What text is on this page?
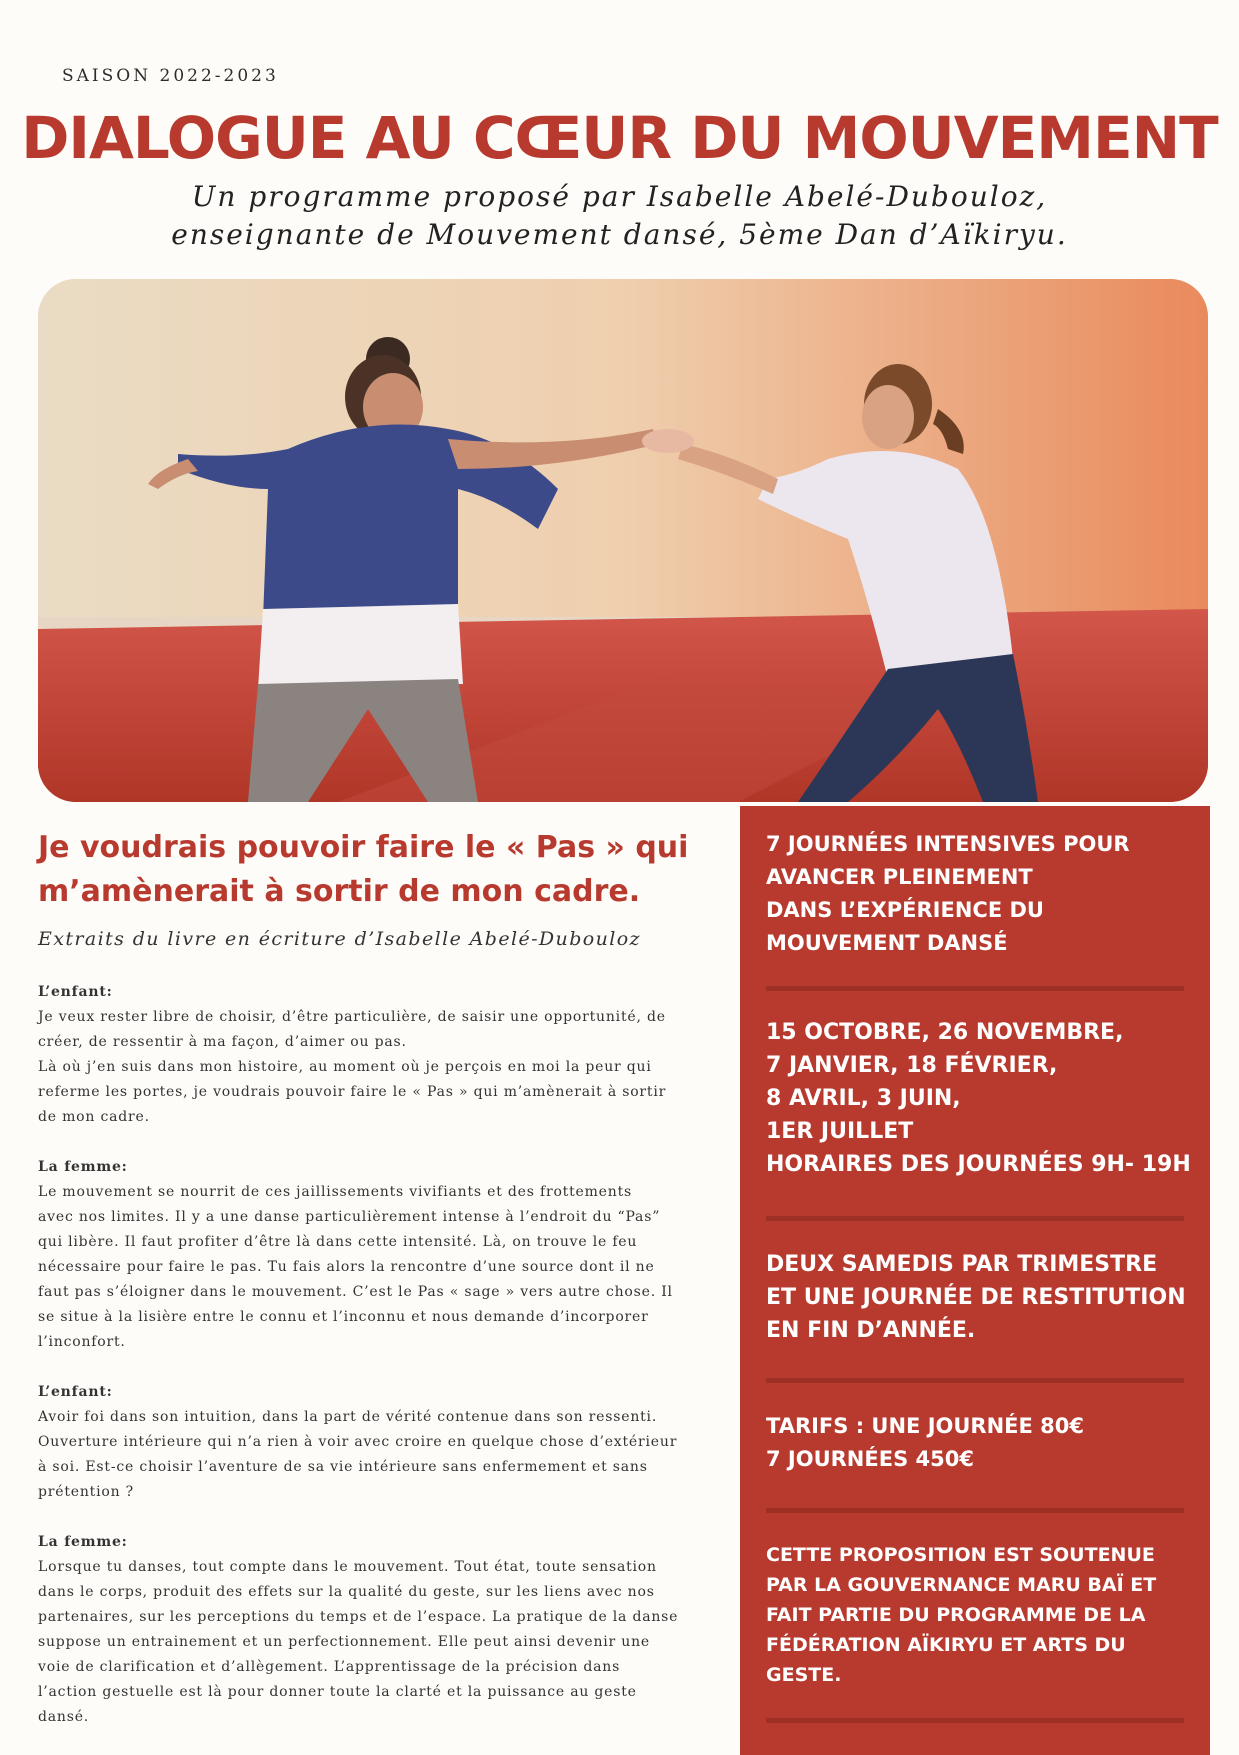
SAISON 2022-2023
DIALOGUE AU CŒUR DU MOUVEMENT
Un programme proposé par Isabelle Abelé-Dubouloz,
enseignante de Mouvement dansé, 5ème Dan d’Aïkiryu.
Je voudrais pouvoir faire le « Pas » qui
m’amènerait à sortir de mon cadre.

Extraits du livre en écriture d’Isabelle Abelé-Dubouloz

L’enfant:
Je veux rester libre de choisir, d’être particulière, de saisir une opportunité, de
créer, de ressentir à ma façon, d’aimer ou pas.
Là où j’en suis dans mon histoire, au moment où je perçois en moi la peur qui
referme les portes, je voudrais pouvoir faire le « Pas » qui m’amènerait à sortir
de mon cadre.

La femme:
Le mouvement se nourrit de ces jaillissements vivifiants et des frottements
avec nos limites. Il y a une danse particulièrement intense à l’endroit du “Pas”
qui libère. Il faut profiter d’être là dans cette intensité. Là, on trouve le feu
nécessaire pour faire le pas. Tu fais alors la rencontre d’une source dont il ne
faut pas s’éloigner dans le mouvement. C’est le Pas « sage » vers autre chose. Il
se situe à la lisière entre le connu et l’inconnu et nous demande d’incorporer
l’inconfort.

L’enfant:
Avoir foi dans son intuition, dans la part de vérité contenue dans son ressenti.
Ouverture intérieure qui n’a rien à voir avec croire en quelque chose d’extérieur
à soi. Est-ce choisir l’aventure de sa vie intérieure sans enfermement et sans
prétention ?

La femme:
Lorsque tu danses, tout compte dans le mouvement. Tout état, toute sensation
dans le corps, produit des effets sur la qualité du geste, sur les liens avec nos
partenaires, sur les perceptions du temps et de l’espace. La pratique de la danse
suppose un entrainement et un perfectionnement. Elle peut ainsi devenir une
voie de clarification et d’allègement. L’apprentissage de la précision dans
l’action gestuelle est là pour donner toute la clarté et la puissance au geste
dansé.

7 JOURNÉES INTENSIVES POUR
AVANCER PLEINEMENT
DANS L’EXPÉRIENCE DU
MOUVEMENT DANSÉ

15 OCTOBRE, 26 NOVEMBRE,
7 JANVIER, 18 FÉVRIER,
8 AVRIL, 3 JUIN,
1ER JUILLET
HORAIRES DES JOURNÉES 9H- 19H

DEUX SAMEDIS PAR TRIMESTRE
ET UNE JOURNÉE DE RESTITUTION
EN FIN D’ANNÉE.

TARIFS : UNE JOURNÉE 80€
7 JOURNÉES 450€

CETTE PROPOSITION EST SOUTENUE
PAR LA GOUVERNANCE MARU BAÏ ET
FAIT PARTIE DU PROGRAMME DE LA
FÉDÉRATION AÏKIRYU ET ARTS DU
GESTE.
